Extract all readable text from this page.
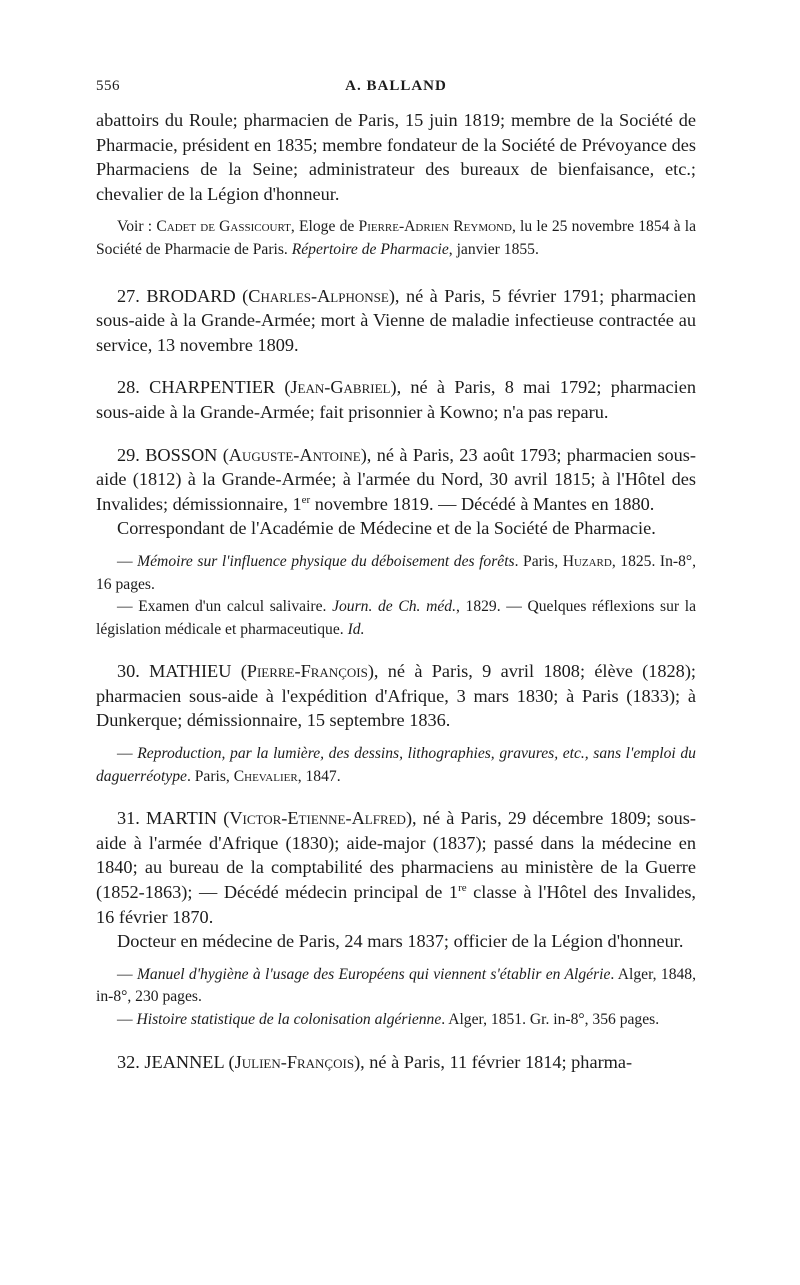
556	A. BALLAND

abattoirs du Roule; pharmacien de Paris, 15 juin 1819; membre de la Société de Pharmacie, président en 1835; membre fondateur de la Société de Prévoyance des Pharmaciens de la Seine; administrateur des bureaux de bienfaisance, etc.; chevalier de la Légion d'honneur.

Voir : Cadet de Gassicourt, Eloge de Pierre-Adrien Reymond, lu le 25 novembre 1854 à la Société de Pharmacie de Paris. Répertoire de Pharmacie, janvier 1855.

27. BRODARD (Charles-Alphonse), né à Paris, 5 février 1791; pharmacien sous-aide à la Grande-Armée; mort à Vienne de maladie infectieuse contractée au service, 13 novembre 1809.

28. CHARPENTIER (Jean-Gabriel), né à Paris, 8 mai 1792; pharmacien sous-aide à la Grande-Armée; fait prisonnier à Kowno; n'a pas reparu.

29. BOSSON (Auguste-Antoine), né à Paris, 23 août 1793; pharmacien sous-aide (1812) à la Grande-Armée; à l'armée du Nord, 30 avril 1815; à l'Hôtel des Invalides; démissionnaire, 1er novembre 1819. — Décédé à Mantes en 1880.

Correspondant de l'Académie de Médecine et de la Société de Pharmacie.

— Mémoire sur l'influence physique du déboisement des forêts. Paris, Huzard, 1825. In-8°, 16 pages.

— Examen d'un calcul salivaire. Journ. de Ch. méd., 1829. — Quelques réflexions sur la législation médicale et pharmaceutique. Id.

30. MATHIEU (Pierre-François), né à Paris, 9 avril 1808; élève (1828); pharmacien sous-aide à l'expédition d'Afrique, 3 mars 1830; à Paris (1833); à Dunkerque; démissionnaire, 15 septembre 1836.

— Reproduction, par la lumière, des dessins, lithographies, gravures, etc., sans l'emploi du daguerréotype. Paris, Chevalier, 1847.

31. MARTIN (Victor-Etienne-Alfred), né à Paris, 29 décembre 1809; sous-aide à l'armée d'Afrique (1830); aide-major (1837); passé dans la médecine en 1840; au bureau de la comptabilité des pharmaciens au ministère de la Guerre (1852-1863); — Décédé médecin principal de 1re classe à l'Hôtel des Invalides, 16 février 1870.

Docteur en médecine de Paris, 24 mars 1837; officier de la Légion d'honneur.

— Manuel d'hygiène à l'usage des Européens qui viennent s'établir en Algérie. Alger, 1848, in-8°, 230 pages.

— Histoire statistique de la colonisation algérienne. Alger, 1851. Gr. in-8°, 356 pages.

32. JEANNEL (Julien-François), né à Paris, 11 février 1814; pharma-
